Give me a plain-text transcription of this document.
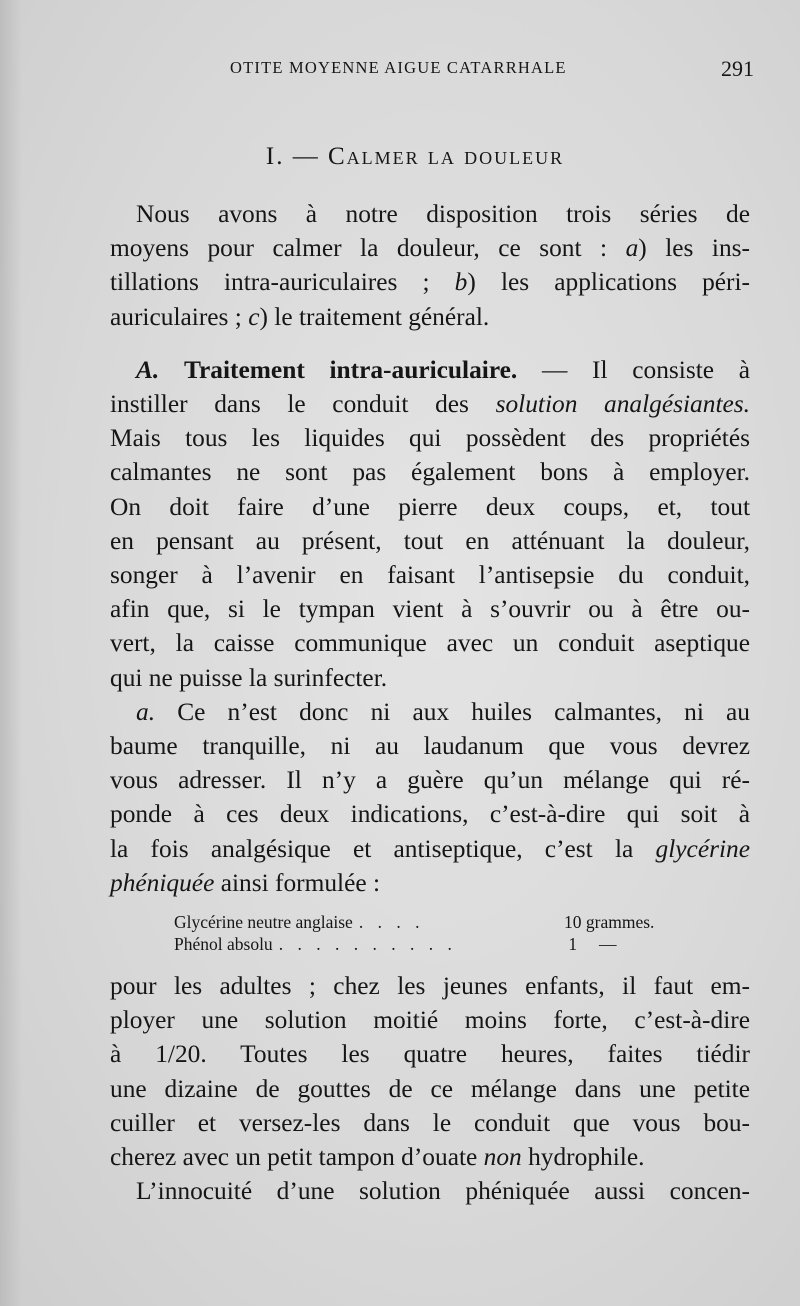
OTITE MOYENNE AIGUE CATARRHALE	291
I. — Calmer la douleur
Nous avons à notre disposition trois séries de
moyens pour calmer la douleur, ce sont : a) les ins-
tillations intra-auriculaires ; b) les applications péri-
auriculaires ; c) le traitement général.
A. Traitement intra-auriculaire. — Il consiste à
instiller dans le conduit des solution analgésiantes.
Mais tous les liquides qui possèdent des propriétés
calmantes ne sont pas également bons à employer.
On doit faire d’une pierre deux coups, et, tout
en pensant au présent, tout en atténuant la douleur,
songer à l’avenir en faisant l’antisepsie du conduit,
afin que, si le tympan vient à s’ouvrir ou à être ou-
vert, la caisse communique avec un conduit aseptique
qui ne puisse la surinfecter.
a. Ce n’est donc ni aux huiles calmantes, ni au
baume tranquille, ni au laudanum que vous devrez
vous adresser. Il n’y a guère qu’un mélange qui ré-
ponde à ces deux indications, c’est-à-dire qui soit à
la fois analgésique et antiseptique, c’est la glycérine
phéniquée ainsi formulée :
Glycérine neutre anglaise . . . .	10 grammes.
Phénol absolu . . . . . . . . . .	1     —
pour les adultes ; chez les jeunes enfants, il faut em-
ployer une solution moitié moins forte, c’est-à-dire
à 1/20. Toutes les quatre heures, faites tiédir
une dizaine de gouttes de ce mélange dans une petite
cuiller et versez-les dans le conduit que vous bou-
cherez avec un petit tampon d’ouate non hydrophile.
L’innocuité d’une solution phéniquée aussi concen-
